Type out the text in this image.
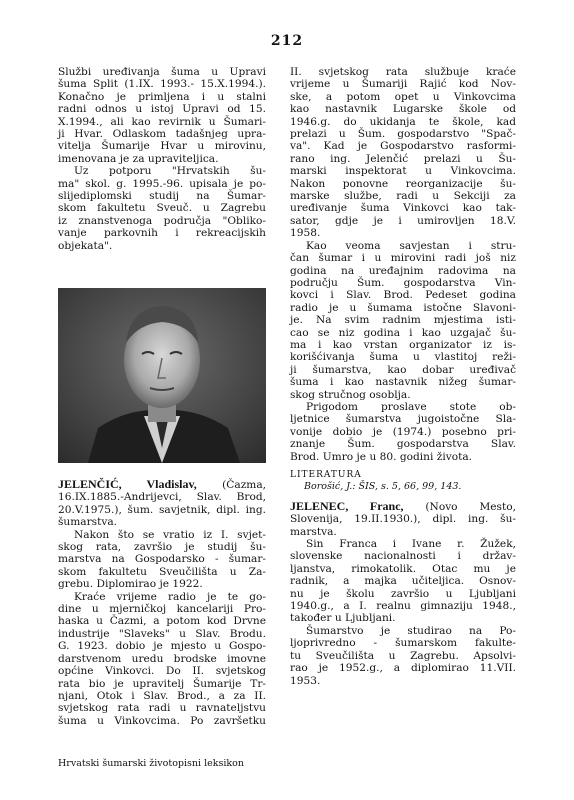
212
Službi uređivanja šuma u Upravi
šuma Split (1.IX. 1993.- 15.X.1994.).
Konačno je primljena i u stalni
radni odnos u istoj Upravi od 15.
X.1994., ali kao revirnik u Šumari-
ji Hvar. Odlaskom tadašnjeg upra-
vitelja Šumarije Hvar u mirovinu,
imenovana je za upraviteljica.
Uz potporu "Hrvatskih šu-
ma" skol. g. 1995.-96. upisala je po-
slijediplomski studij na Šumar-
skom fakultetu Sveuč. u Zagrebu
iz znanstvenoga područja "Obliko-
vanje parkovnih i rekreacijskih
objekata".
JELENČIĆ, Vladislav, (Čazma,
16.IX.1885.-Andrijevci, Slav. Brod,
20.V.1975.), šum. savjetnik, dipl. ing.
šumarstva.
Nakon što se vratio iz I. svjet-
skog rata, završio je studij šu-
marstva na Gospodarsko - šumar-
skom fakultetu Sveučilišta u Za-
grebu. Diplomirao je 1922.
Kraće vrijeme radio je te go-
dine u mjerničkoj kancelariji Pro-
haska u Čazmi, a potom kod Drvne
industrije "Slaveks" u Slav. Brodu.
G. 1923. dobio je mjesto u Gospo-
darstvenom uredu brodske imovne
općine Vinkovci. Do II. svjetskog
rata bio je upravitelj Šumarije Tr-
njani, Otok i Slav. Brod., a za II.
svjetskog rata radi u ravnateljstvu
šuma u Vinkovcima. Po završetku
II. svjetskog rata službuje kraće
vrijeme u Šumariji Rajić kod Nov-
ske, a potom opet u Vinkovcima
kao nastavnik Lugarske škole od
1946.g. do ukidanja te škole, kad
prelazi u Šum. gospodarstvo "Spač-
va". Kad je Gospodarstvo rasformi-
rano ing. Jelenčić prelazi u Šu-
marski inspektorat u Vinkovcima.
Nakon ponovne reorganizacije šu-
marske službe, radi u Sekciji za
uređivanje šuma Vinkovci kao tak-
sator, gdje je i umirovljen 18.V.
1958.
Kao veoma savjestan i stru-
čan šumar i u mirovini radi još niz
godina na uređajnim radovima na
području Šum. gospodarstva Vin-
kovci i Slav. Brod. Pedeset godina
radio je u šumama istočne Slavoni-
je. Na svim radnim mjestima isti-
cao se niz godina i kao uzgajač šu-
ma i kao vrstan organizator iz is-
korišćivanja šuma u vlastitoj reži-
ji šumarstva, kao dobar uređivač
šuma i kao nastavnik nižeg šumar-
skog stručnog osoblja.
Prigodom proslave stote ob-
ljetnice šumarstva jugoistočne Sla-
vonije dobio je (1974.) posebno pri-
znanje Šum. gospodarstva Slav.
Brod. Umro je u 80. godini života.
LITERATURA
Borošić, J.: ŠIS, s. 5, 66, 99, 143.
JELENEC, Franc, (Novo Mesto,
Slovenija, 19.II.1930.), dipl. ing. šu-
marstva.
Sin Franca i Ivane r. Žužek,
slovenske nacionalnosti i držav-
ljanstva, rimokatolik. Otac mu je
radnik, a majka učiteljica. Osnov-
nu je školu završio u Ljubljani
1940.g., a I. realnu gimnaziju 1948.,
također u Ljubljani.
Šumarstvo je studirao na Po-
ljoprivredno - šumarskom fakulte-
tu Sveučilišta u Zagrebu. Apsolvi-
rao je 1952.g., a diplomirao 11.VII.
1953.
Hrvatski šumarski životopisni leksikon
